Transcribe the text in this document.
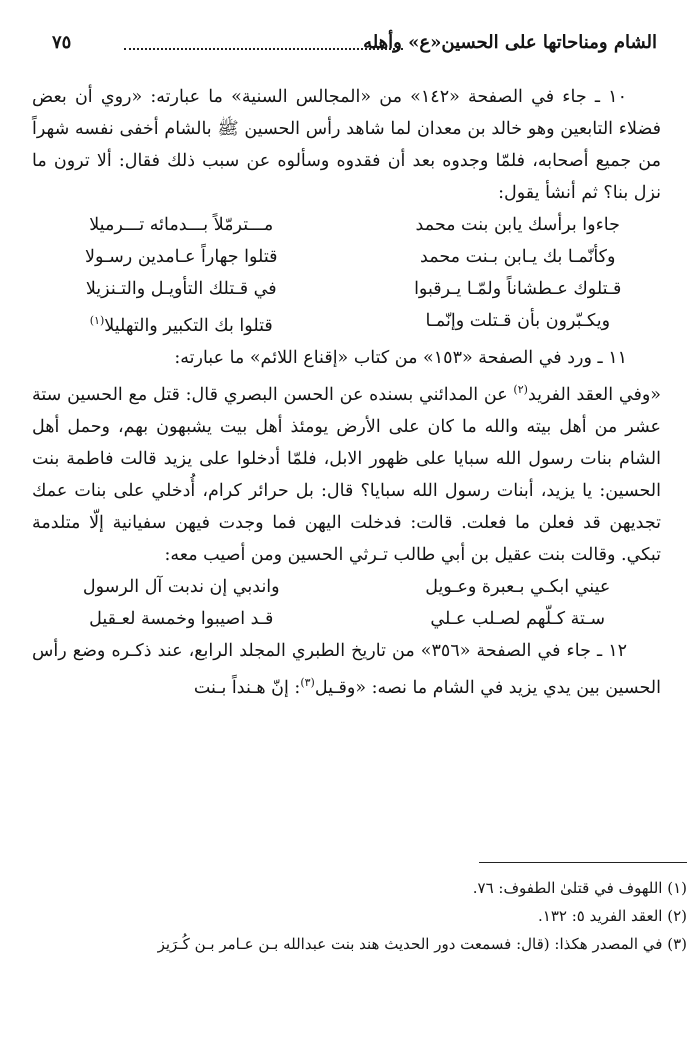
الشام ومناحاتها على الحسين«ع» وأهله
٧٥

١٠ ـ جاء في الصفحة «١٤٢» من «المجالس السنية» ما عبارته: «روي أن بعض فضلاء التابعين وهو خالد بن معدان لما شاهد رأس الحسين ﷺ بالشام أخفى نفسه شهراً من جميع أصحابه، فلمّا وجدوه بعد أن فقدوه وسألوه عن سبب ذلك فقال: ألا ترون ما نزل بنا؟ ثم أنشأ يقول:

جاءوا برأسك يابن بنت محمد
مـــترمّلاً بـــدمائه تـــرميلا
وكأنّمـا بك يـابن بـنت محمد
قتلوا جهاراً عـامدين رسـولا
قـتلوك عـطشاناً ولمّـا يـرقبوا
في قـتلك التأويـل والتـنزيلا
ويكـبّرون بأن قـتلت وإنّمـا
قتلوا بك التكبير والتهليلا$^{(١)}$

١١ ـ ورد في الصفحة «١٥٣» من كتاب «إقناع اللائم» ما عبارته:

«وفي العقد الفريد$^{(٢)}$ عن المدائني بسنده عن الحسن البصري قال: قتل مع الحسين ستة عشر من أهل بيته والله ما كان على الأرض يومئذ أهل بيت يشبهون بهم، وحمل أهل الشام بنات رسول الله سبايا على ظهور الابل، فلمّا أدخلوا على يزيد قالت فاطمة بنت الحسين: يا يزيد، أبنات رسول الله سبايا؟ قال: بل حرائر كرام، أُدخلي على بنات عمك تجديهن قد فعلن ما فعلت. قالت: فدخلت اليهن فما وجدت فيهن سفيانية إلّا متلدمة تبكي. وقالت بنت عقيل بن أبي طالب تـرثي الحسين ومن أصيب معه:

عيني ابكـي بـعبرة وعـويل
واندبي إن ندبت آل الرسول
سـتة كـلّهم لصـلب عـلي
قـد اصيبوا وخمسة لعـقيل

١٢ ـ جاء في الصفحة «٣٥٦» من تاريخ الطبري المجلد الرابع، عند ذكـره وضع رأس الحسين بين يدي يزيد في الشام ما نصه: «وقـيل$^{(٣)}$: إنّ هـنداً بـنت

(١) اللهوف في قتلىٰ الطفوف: ٧٦.
(٢) العقد الفريد ٥: ١٣٢.
(٣) في المصدر هكذا: (قال: فسمعت دور الحديث هند بنت عبدالله بـن عـامر بـن كُـرَيز
